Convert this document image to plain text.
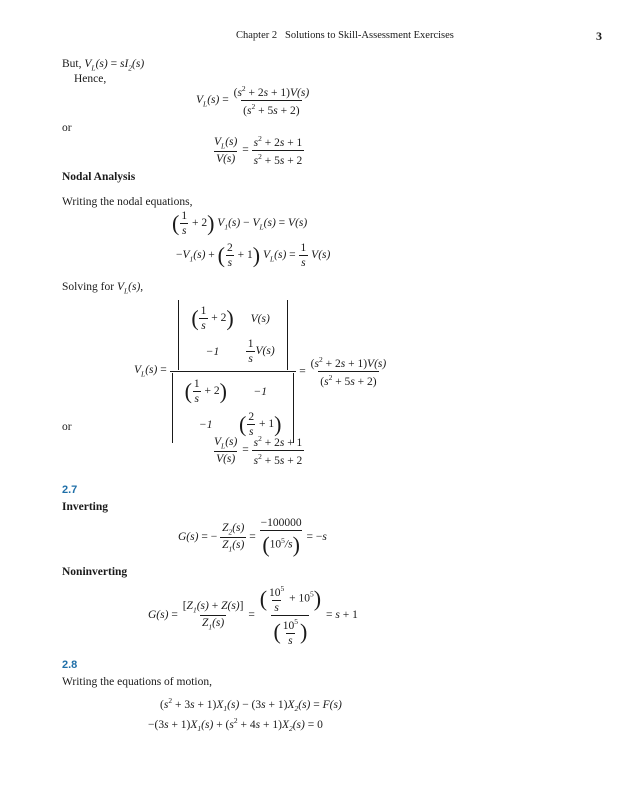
Chapter 2 Solutions to Skill-Assessment Exercises	3
But, $V_L(s) = sI_2(s)$
Hence,
$V_L(s) = \frac{(s^2 + 2s + 1)V(s)}{(s^2 + 5s + 2)}$
or
$\frac{V_L(s)}{V(s)} = \frac{s^2 + 2s + 1}{s^2 + 5s + 2}$
Nodal Analysis
Writing the nodal equations,
( $\frac{1}{s} + 2$) $V_1(s) - V_L(s) = V(s)$
$-V_1(s)$ + ( $\frac{2}{s} + 1$) $V_L(s) = \frac{1}{s} V(s)$
Solving for $V_L(s)$,
$V_L(s)$ = ( $\frac{1}{s} + 2$)	V(s)
−1	$\frac{1}{s} V(s)$
( $\frac{1}{s} + 2$)	−1
−1	( $\frac{2}{s} + 1) = \frac{(s^2 + 2s + 1)V(s)}{(s^2 + 5s + 2)}$
or
$\frac{V_L(s)}{V(s)} = \frac{s^2 + 2s + 1}{s^2 + 5s + 2}$
2.7
Inverting
G(s) = − $\frac{Z_2(s)}{Z_1(s)} = \frac{-100000}{(10^5/s)} = -s$
Noninverting
$G(s) = \frac{[Z_1(s) + Z(s)]}{Z_1(s)} = \frac{( \frac{10^5}{s} + 10^5)}{( \frac{10^5}{s} )} = s + 1$
2.8
Writing the equations of motion,
$(s^2 + 3s + 1)X_1(s) - (3s + 1)X_2(s) = F(s)$
$-(3s + 1)X_1(s) + (s^2 + 4s + 1)X_2(s) = 0$
